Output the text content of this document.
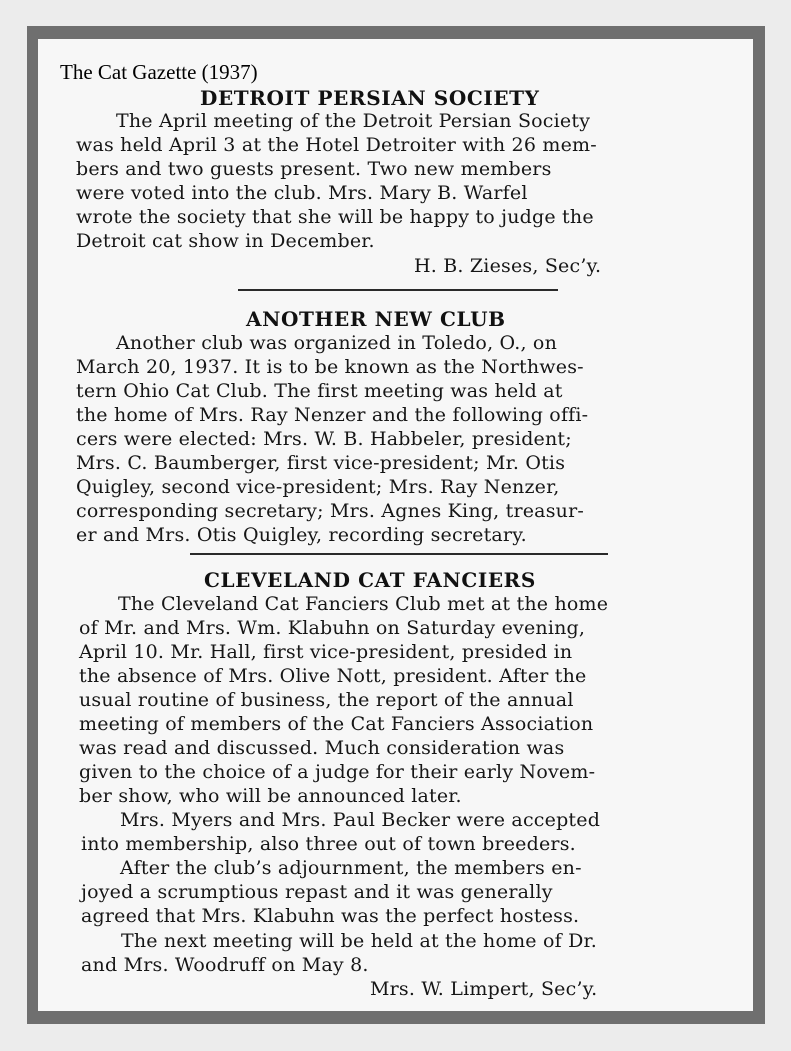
The Cat Gazette (1937)
DETROIT PERSIAN SOCIETY
The April meeting of the Detroit Persian Society
was held April 3 at the Hotel Detroiter with 26 mem-
bers and two guests present. Two new members
were voted into the club. Mrs. Mary B. Warfel
wrote the society that she will be happy to judge the
Detroit cat show in December.
H. B. Zieses, Sec’y.
ANOTHER NEW CLUB
Another club was organized in Toledo, O., on
March 20, 1937. It is to be known as the Northwes-
tern Ohio Cat Club. The first meeting was held at
the home of Mrs. Ray Nenzer and the following offi-
cers were elected: Mrs. W. B. Habbeler, president;
Mrs. C. Baumberger, first vice-president; Mr. Otis
Quigley, second vice-president; Mrs. Ray Nenzer,
corresponding secretary; Mrs. Agnes King, treasur-
er and Mrs. Otis Quigley, recording secretary.
CLEVELAND CAT FANCIERS
The Cleveland Cat Fanciers Club met at the home
of Mr. and Mrs. Wm. Klabuhn on Saturday evening,
April 10. Mr. Hall, first vice-president, presided in
the absence of Mrs. Olive Nott, president. After the
usual routine of business, the report of the annual
meeting of members of the Cat Fanciers Association
was read and discussed. Much consideration was
given to the choice of a judge for their early Novem-
ber show, who will be announced later.
Mrs. Myers and Mrs. Paul Becker were accepted
into membership, also three out of town breeders.
After the club’s adjournment, the members en-
joyed a scrumptious repast and it was generally
agreed that Mrs. Klabuhn was the perfect hostess.
The next meeting will be held at the home of Dr.
and Mrs. Woodruff on May 8.
Mrs. W. Limpert, Sec’y.
